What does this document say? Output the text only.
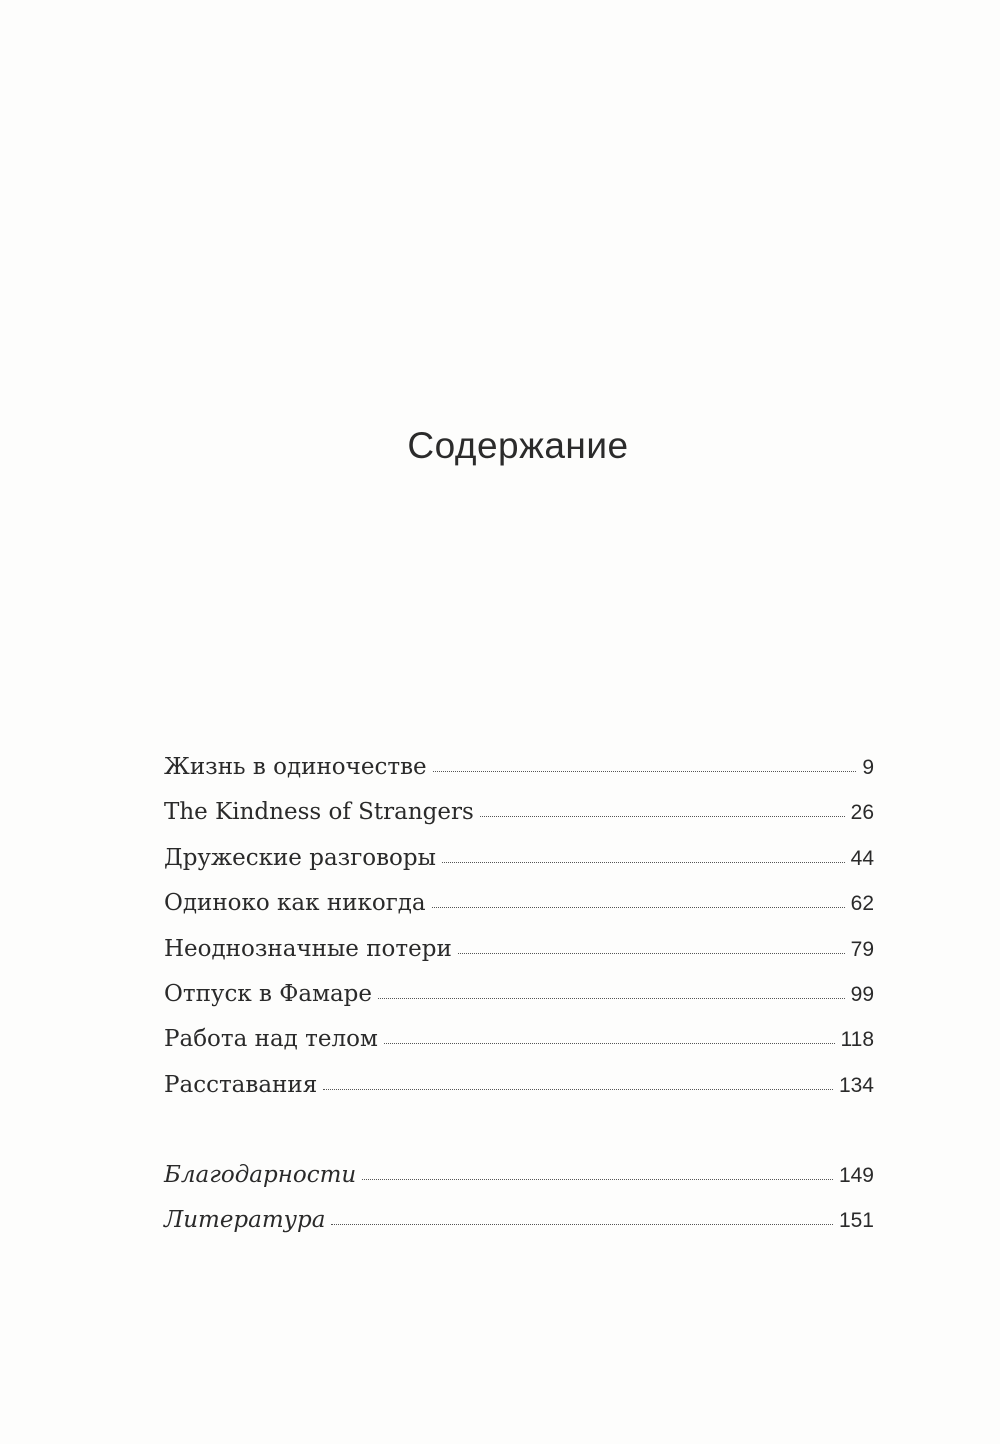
Содержание
Жизнь в одиночестве	9
The Kindness of Strangers	26
Дружеские разговоры	44
Одиноко как никогда	62
Неоднозначные потери	79
Отпуск в Фамаре	99
Работа над телом	118
Расставания	134
Благодарности	149
Литература	151
